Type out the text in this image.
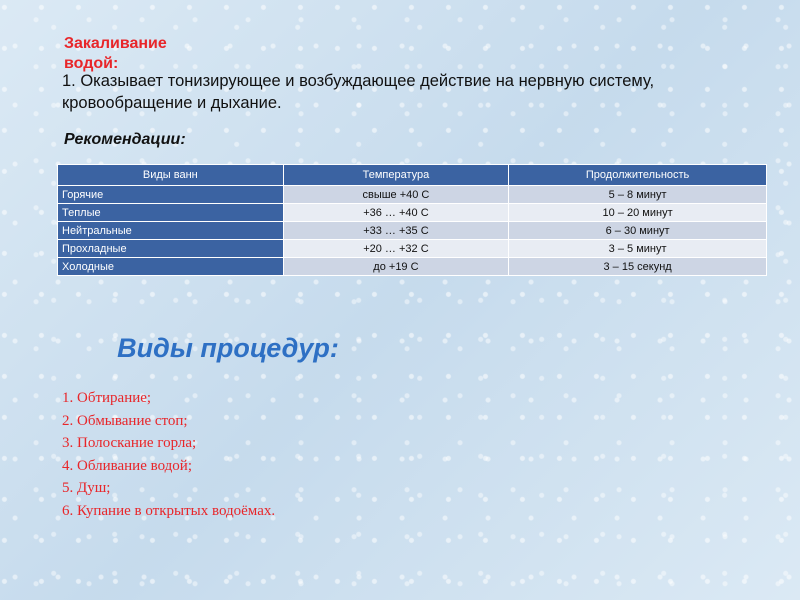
Закаливание водой:
1. Оказывает тонизирующее и возбуждающее действие на нервную систему, кровообращение и дыхание.
Рекомендации:
Виды ванн	Температура	Продолжительность
Горячие	свыше +40 С	5 – 8 минут
Теплые	+36 … +40 С	10 – 20 минут
Нейтральные	+33 … +35 С	6 – 30 минут
Прохладные	+20 … +32 С	3 – 5 минут
Холодные	до +19 С	3 – 15 секунд
Виды процедур:
1. Обтирание;
2. Обмывание стоп;
3. Полоскание горла;
4. Обливание водой;
5. Душ;
6. Купание в открытых водоёмах.
